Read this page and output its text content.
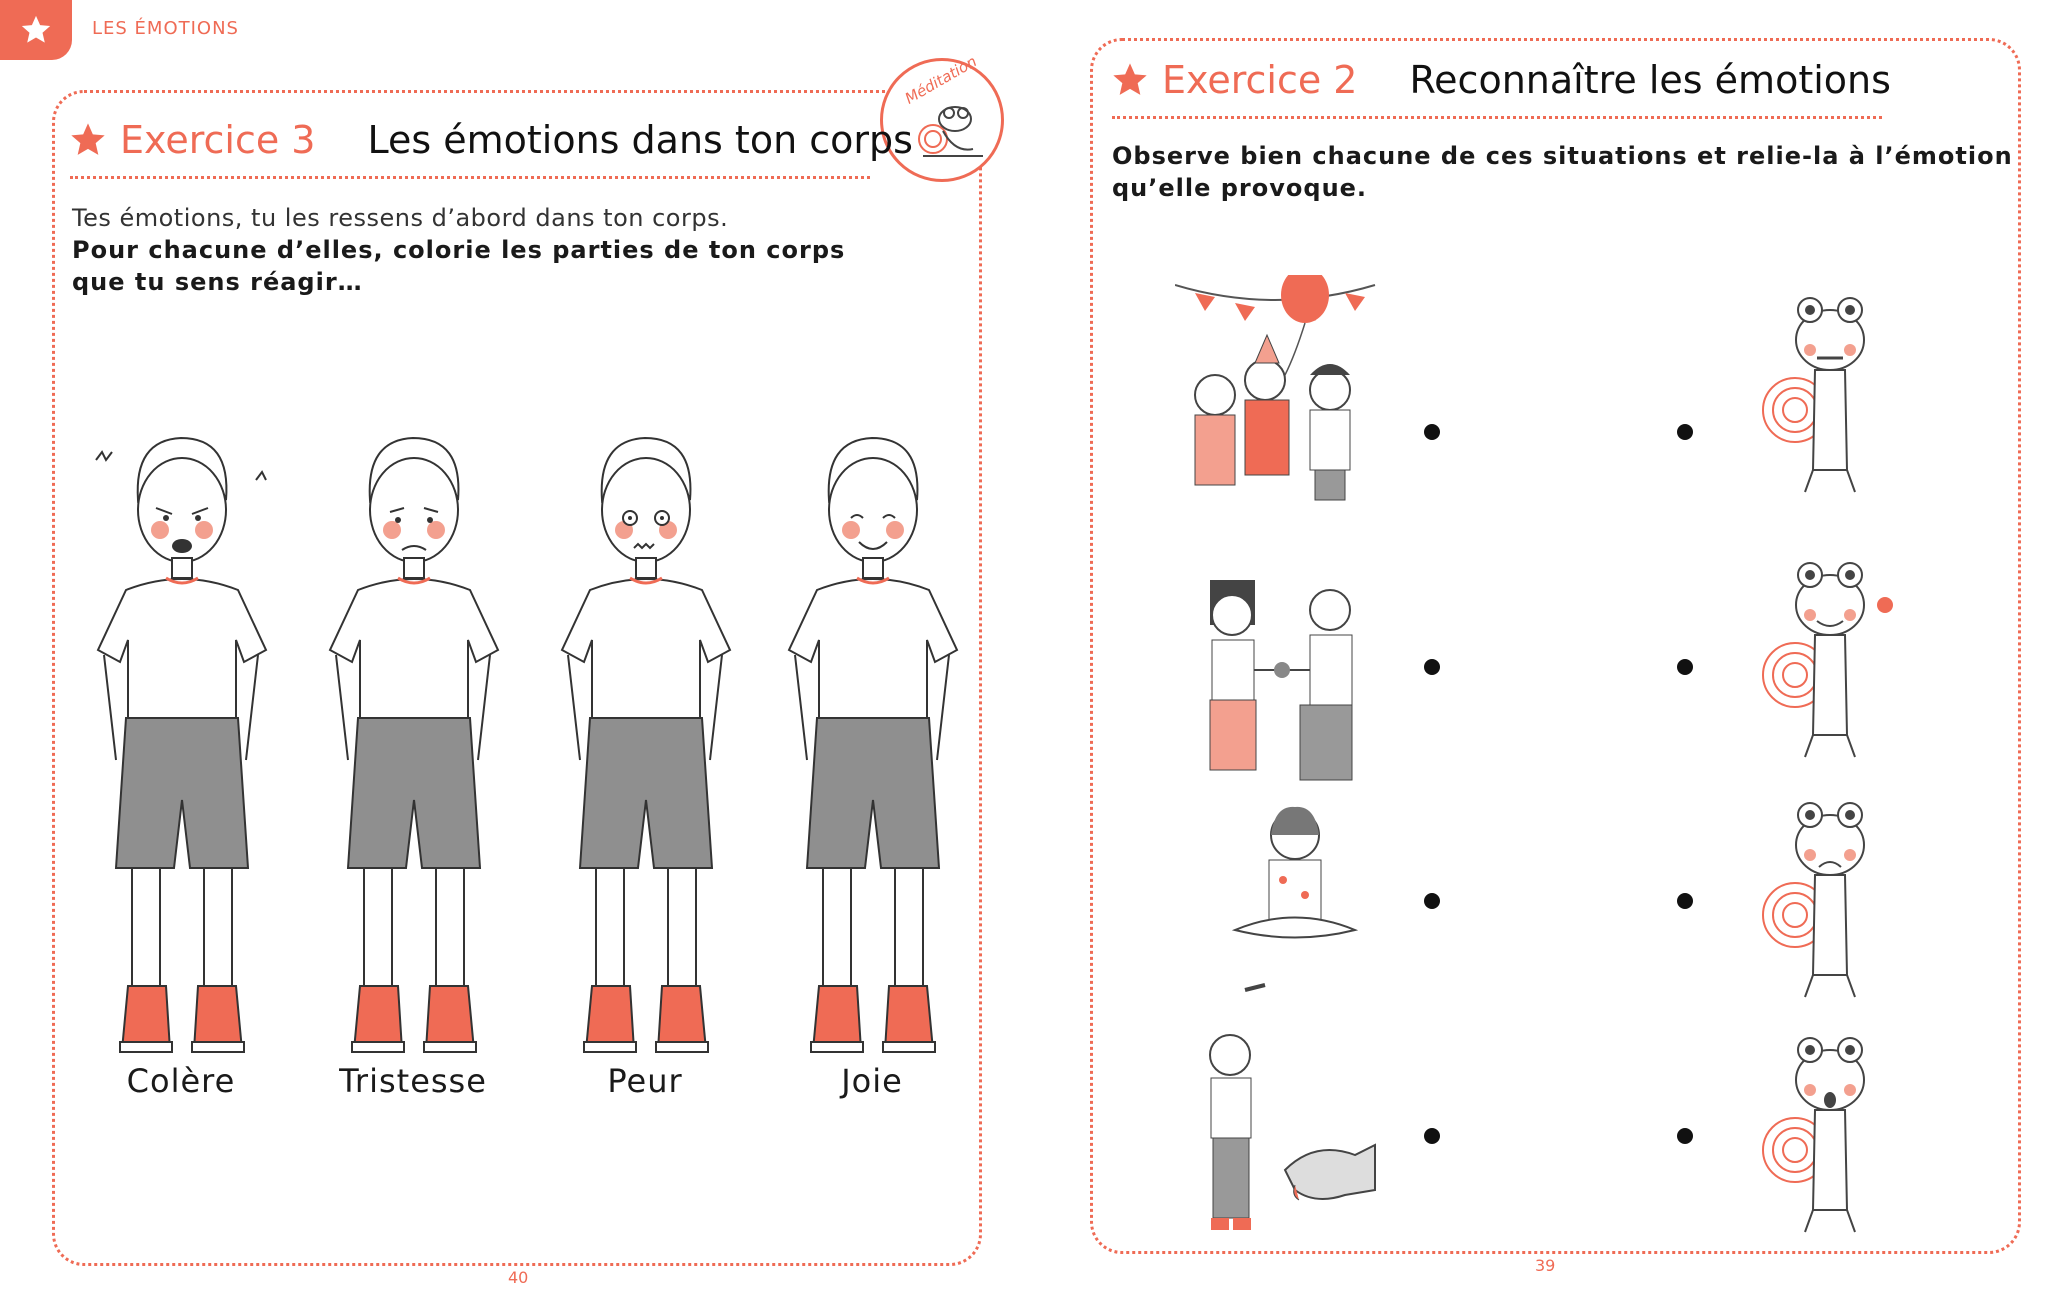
LES ÉMOTIONS
Méditation
Exercice 3 Les émotions dans ton corps
Tes émotions, tu les ressens d’abord dans ton corps.
Pour chacune d’elles, colorie les parties de ton corps
que tu sens réagir…
Colère	Tristesse	Peur	Joie
40
Exercice 2 Reconnaître les émotions
Observe bien chacune de ces situations et relie-la à l’émotion
qu’elle provoque.
39
